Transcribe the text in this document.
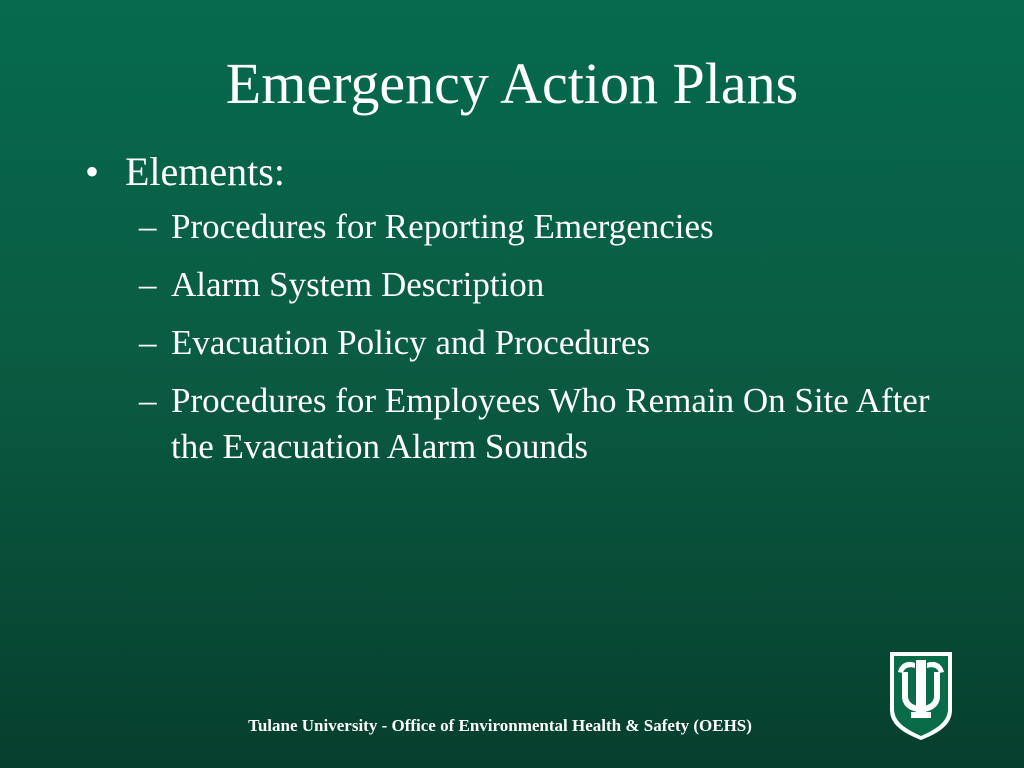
Emergency Action Plans
• Elements:
– Procedures for Reporting Emergencies
– Alarm System Description
– Evacuation Policy and Procedures
– Procedures for Employees Who Remain On Site After the Evacuation Alarm Sounds
Tulane University - Office of Environmental Health & Safety (OEHS)
